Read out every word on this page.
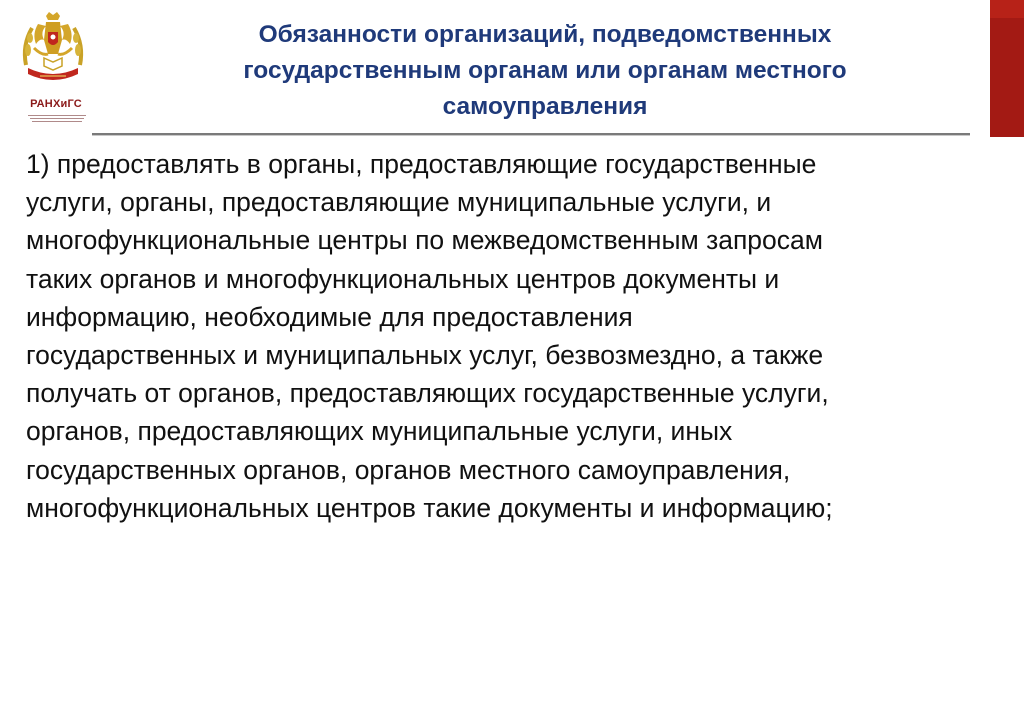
РАНХиГС
Обязанности организаций, подведомственных
государственным органам или органам местного
самоуправления
1) предоставлять в органы, предоставляющие государственные
услуги, органы, предоставляющие муниципальные услуги, и
многофункциональные центры по межведомственным запросам
таких органов и многофункциональных центров документы и
информацию, необходимые для предоставления
государственных и муниципальных услуг, безвозмездно, а также
получать от органов, предоставляющих государственные услуги,
органов, предоставляющих муниципальные услуги, иных
государственных органов, органов местного самоуправления,
многофункциональных центров такие документы и информацию;
